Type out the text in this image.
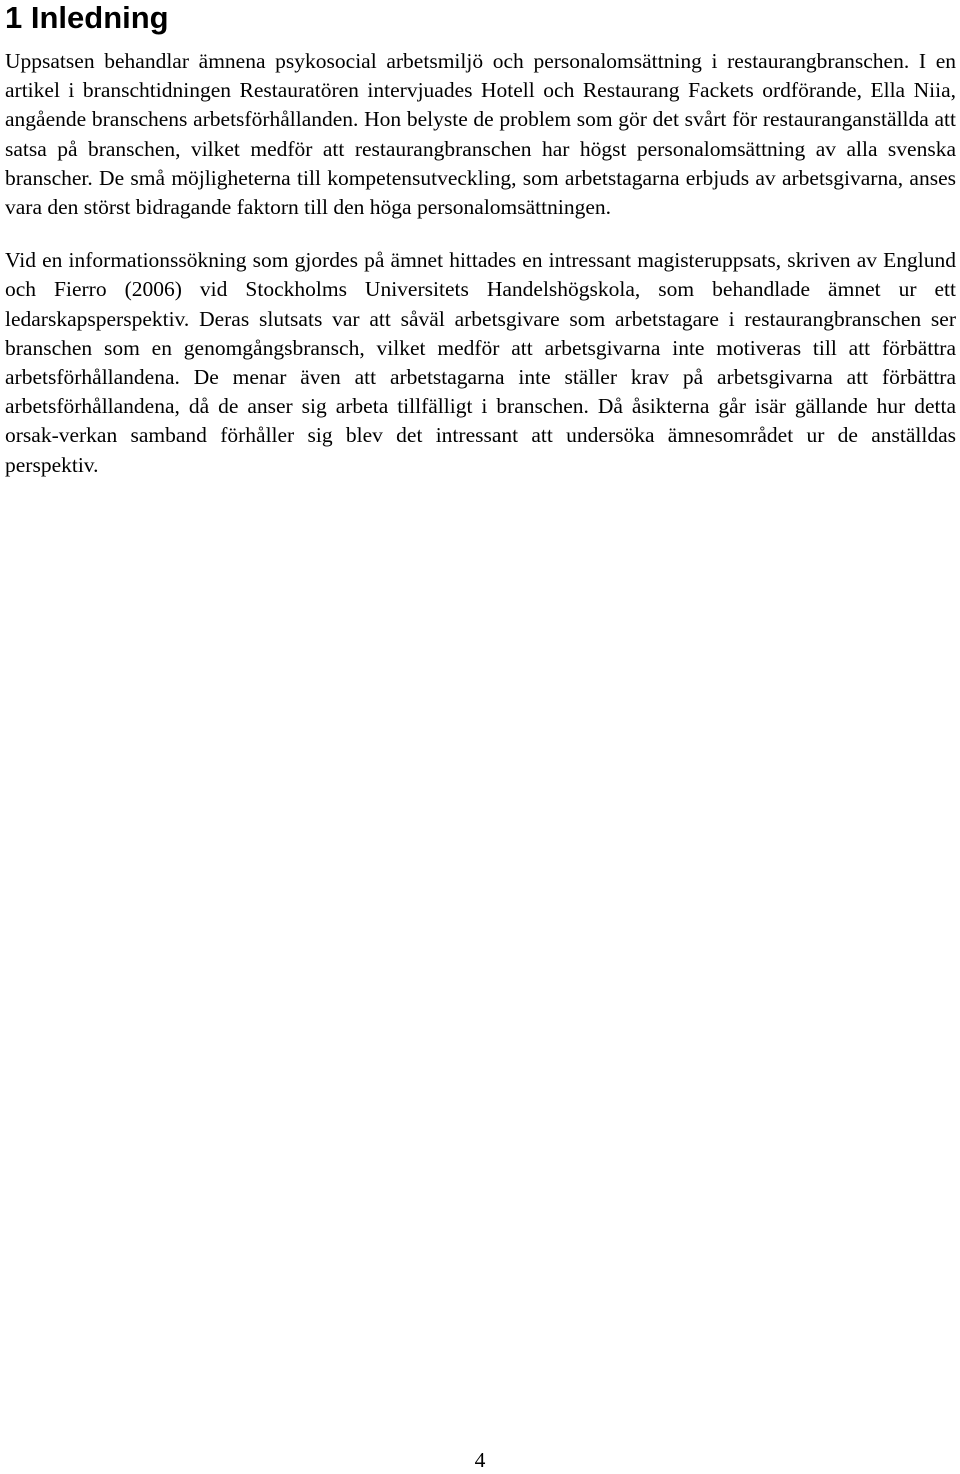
1 Inledning

Uppsatsen behandlar ämnena psykosocial arbetsmiljö och personalomsättning i restaurangbranschen. I en artikel i branschtidningen Restauratören intervjuades Hotell och Restaurang Fackets ordförande, Ella Niia, angående branschens arbetsförhållanden. Hon belyste de problem som gör det svårt för restauranganställda att satsa på branschen, vilket medför att restaurangbranschen har högst personalomsättning av alla svenska branscher. De små möjligheterna till kompetensutveckling, som arbetstagarna erbjuds av arbetsgivarna, anses vara den störst bidragande faktorn till den höga personalomsättningen.

Vid en informationssökning som gjordes på ämnet hittades en intressant magisteruppsats, skriven av Englund och Fierro (2006) vid Stockholms Universitets Handelshögskola, som behandlade ämnet ur ett ledarskapsperspektiv. Deras slutsats var att såväl arbetsgivare som arbetstagare i restaurangbranschen ser branschen som en genomgångsbransch, vilket medför att arbetsgivarna inte motiveras till att förbättra arbetsförhållandena. De menar även att arbetstagarna inte ställer krav på arbetsgivarna att förbättra arbetsförhållandena, då de anser sig arbeta tillfälligt i branschen. Då åsikterna går isär gällande hur detta orsak-verkan samband förhåller sig blev det intressant att undersöka ämnesområdet ur de anställdas perspektiv.

4
